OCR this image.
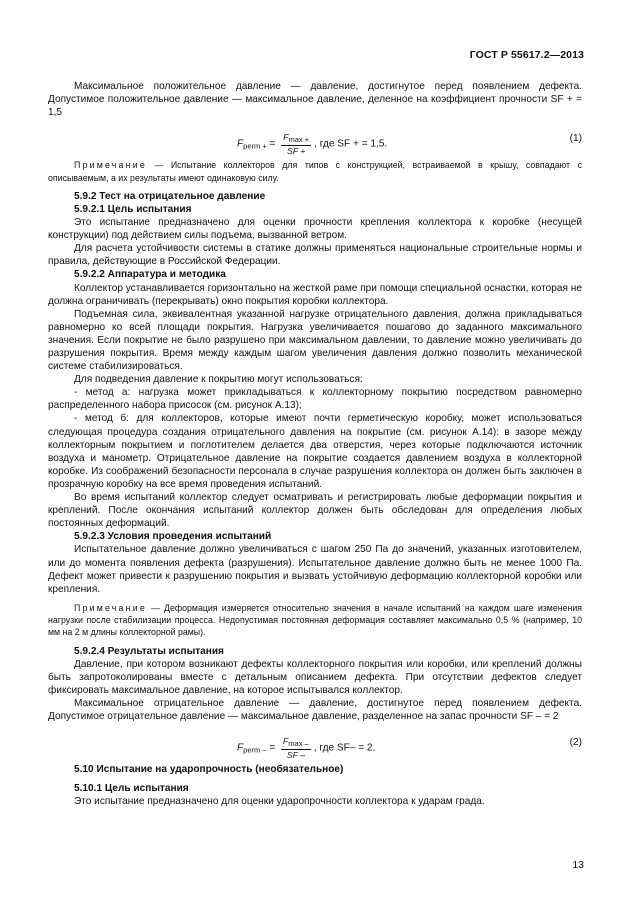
ГОСТ Р 55617.2—2013

Максимальное положительное давление — давление, достигнутое перед появлением дефекта. Допустимое положительное давление — максимальное давление, деленное на коэффициент прочности SF + = 1,5

$F_{perm +} = \frac{Fmax +}{SF +}$ , где SF + = 1,5.
(1)

Примечание — Испытание коллекторов для типов с конструкцией, встраиваемой в крышу, совпадают с описываемым, а их результаты имеют одинаковую силу.

5.9.2 Тест на отрицательное давление

5.9.2.1 Цель испытания

Это испытание предназначено для оценки прочности крепления коллектора к коробке (несущей конструкции) под действием силы подъема, вызванной ветром.

Для расчета устойчивости системы в статике должны применяться национальные строительные нормы и правила, действующие в Российской Федерации.

5.9.2.2 Аппаратура и методика

Коллектор устанавливается горизонтально на жесткой раме при помощи специальной оснастки, которая не должна ограничивать (перекрывать) окно покрытия коробки коллектора.

Подъемная сила, эквивалентная указанной нагрузке отрицательного давления, должна прикладываться равномерно ко всей площади покрытия. Нагрузка увеличивается пошагово до заданного максимального значения. Если покрытие не было разрушено при максимальном давлении, то давление можно увеличивать до разрушения покрытия. Время между каждым шагом увеличения давления должно позволить механической системе стабилизироваться.

Для подведения давление к покрытию могут использоваться:

- метод а: нагрузка может прикладываться к коллекторному покрытию посредством равномерно распределенного набора присосок (см. рисунок А.13);

- метод б: для коллекторов, которые имеют почти герметическую коробку, может использоваться следующая процедура создания отрицательного давления на покрытие (см. рисунок А.14): в зазоре между коллекторным покрытием и поглотителем делается два отверстия, через которые подключаются источник воздуха и манометр. Отрицательное давление на покрытие создается давлением воздуха в коллекторной коробке. Из соображений безопасности персонала в случае разрушения коллектора он должен быть заключен в прозрачную коробку на все время проведения испытаний.

Во время испытаний коллектор следует осматривать и регистрировать любые деформации покрытия и креплений. После окончания испытаний коллектор должен быть обследован для определения любых постоянных деформаций.

5.9.2.3 Условия проведения испытаний

Испытательное давление должно увеличиваться с шагом 250 Па до значений, указанных изготовителем, или до момента появления дефекта (разрушения). Испытательное давление должно быть не менее 1000 Па. Дефект может привести к разрушению покрытия и вызвать устойчивую деформацию коллекторной коробки или крепления.

Примечание — Деформация измеряется относительно значения в начале испытаний на каждом шаге изменения нагрузки после стабилизации процесса. Недопустимая постоянная деформация составляет максимально 0,5 % (например, 10 мм на 2 м длины коллекторной рамы).

5.9.2.4 Результаты испытания

Давление, при котором возникают дефекты коллекторного покрытия или коробки, или креплений должны быть запротоколированы вместе с детальным описанием дефекта. При отсутствии дефектов следует фиксировать максимальное давление, на которое испытывался коллектор.

Максимальное отрицательное давление — давление, достигнутое перед появлением дефекта. Допустимое отрицательное давление — максимальное давление, разделенное на запас прочности SF – = 2

$F_{perm -} = \frac{Fmax -}{SF -}$ , где SF– = 2.
(2)

5.10 Испытание на ударопрочность (необязательное)

5.10.1 Цель испытания

Это испытание предназначено для оценки ударопрочности коллектора к ударам града.

13
